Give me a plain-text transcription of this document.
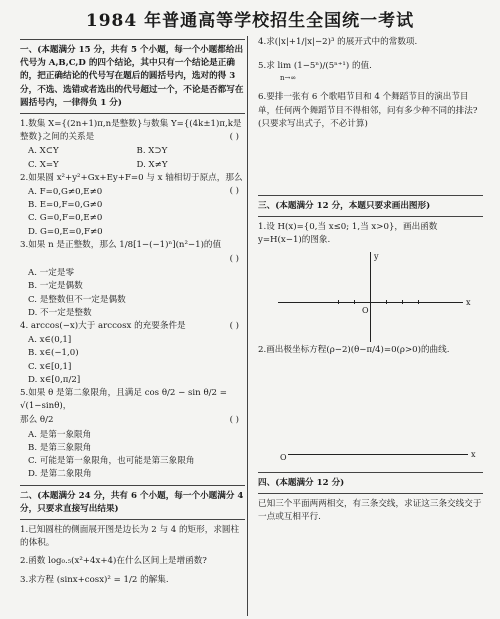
1984 年普通高等学校招生全国统一考试
一、(本题满分 15 分，共有 5 个小题，每一个小题都给出代号为 A,B,C,D 的四个结论，其中只有一个结论是正确的，把正确结论的代号写在题后的圆括号内，选对的得 3 分，不选、选错或者选出的代号超过一个，不论是否都写在圆括号内，一律得负 1 分)
1.数集 X={(2n+1)π,n是整数}与数集 Y={(4k±1)π,k是整数}之间的关系是	( )
A. X⊂Y	B. X⊃Y
C. X=Y	D. X≠Y
2.如果圆 x²+y²+Gx+Ey+F=0 与 x 轴相切于原点，那么
( )
A. F=0,G≠0,E≠0
B. E=0,F=0,G≠0
C. G=0,F=0,E≠0
D. G=0,E=0,F≠0
3.如果 n 是正整数，那么 1/8[1−(−1)ⁿ](n²−1)的值
( )
A. 一定是零
B. 一定是偶数
C. 是整数但不一定是偶数
D. 不一定是整数
4. arccos(−x)大于 arccosx 的充要条件是	( )
A. x∈(0,1]
B. x∈(−1,0)
C. x∈[0,1]
D. x∈[0,π/2]
5.如果 θ 是第二象限角，且满足 cos θ/2 − sin θ/2 = √(1−sinθ)，
那么 θ/2	( )
A. 是第一象限角
B. 是第三象限角
C. 可能是第一象限角，也可能是第三象限角
D. 是第二象限角
二、(本题满分 24 分，共有 6 个小题，每一个小题满分 4 分，只要求直接写出结果)
1.已知圆柱的侧面展开图是边长为 2 与 4 的矩形，求圆柱的体积。
2.函数 log₀.₅(x²+4x+4)在什么区间上是增函数?
3.求方程 (sinx+cosx)² = 1/2 的解集.
4.求(|x|+1/|x|−2)³ 的展开式中的常数项.
5.求 lim (1−5ⁿ)/(5ⁿ⁺¹) 的值.
n→∞
6.要排一张有 6 个歌唱节目和 4 个舞蹈节目的演出节目单，任何两个舞蹈节目不得相邻，问有多少种不同的排法?(只要求写出式子，不必计算)
三、(本题满分 12 分，本题只要求画出图形)
1.设 H(x)={0,当 x≤0; 1,当 x>0}，画出函数 y=H(x−1)的图象.
x
y
O
2.画出极坐标方程(ρ−2)(θ−π/4)=0(ρ>0)的曲线.
x
O
四、(本题满分 12 分)
已知三个平面两两相交，有三条交线，求证这三条交线交于一点或互相平行.
